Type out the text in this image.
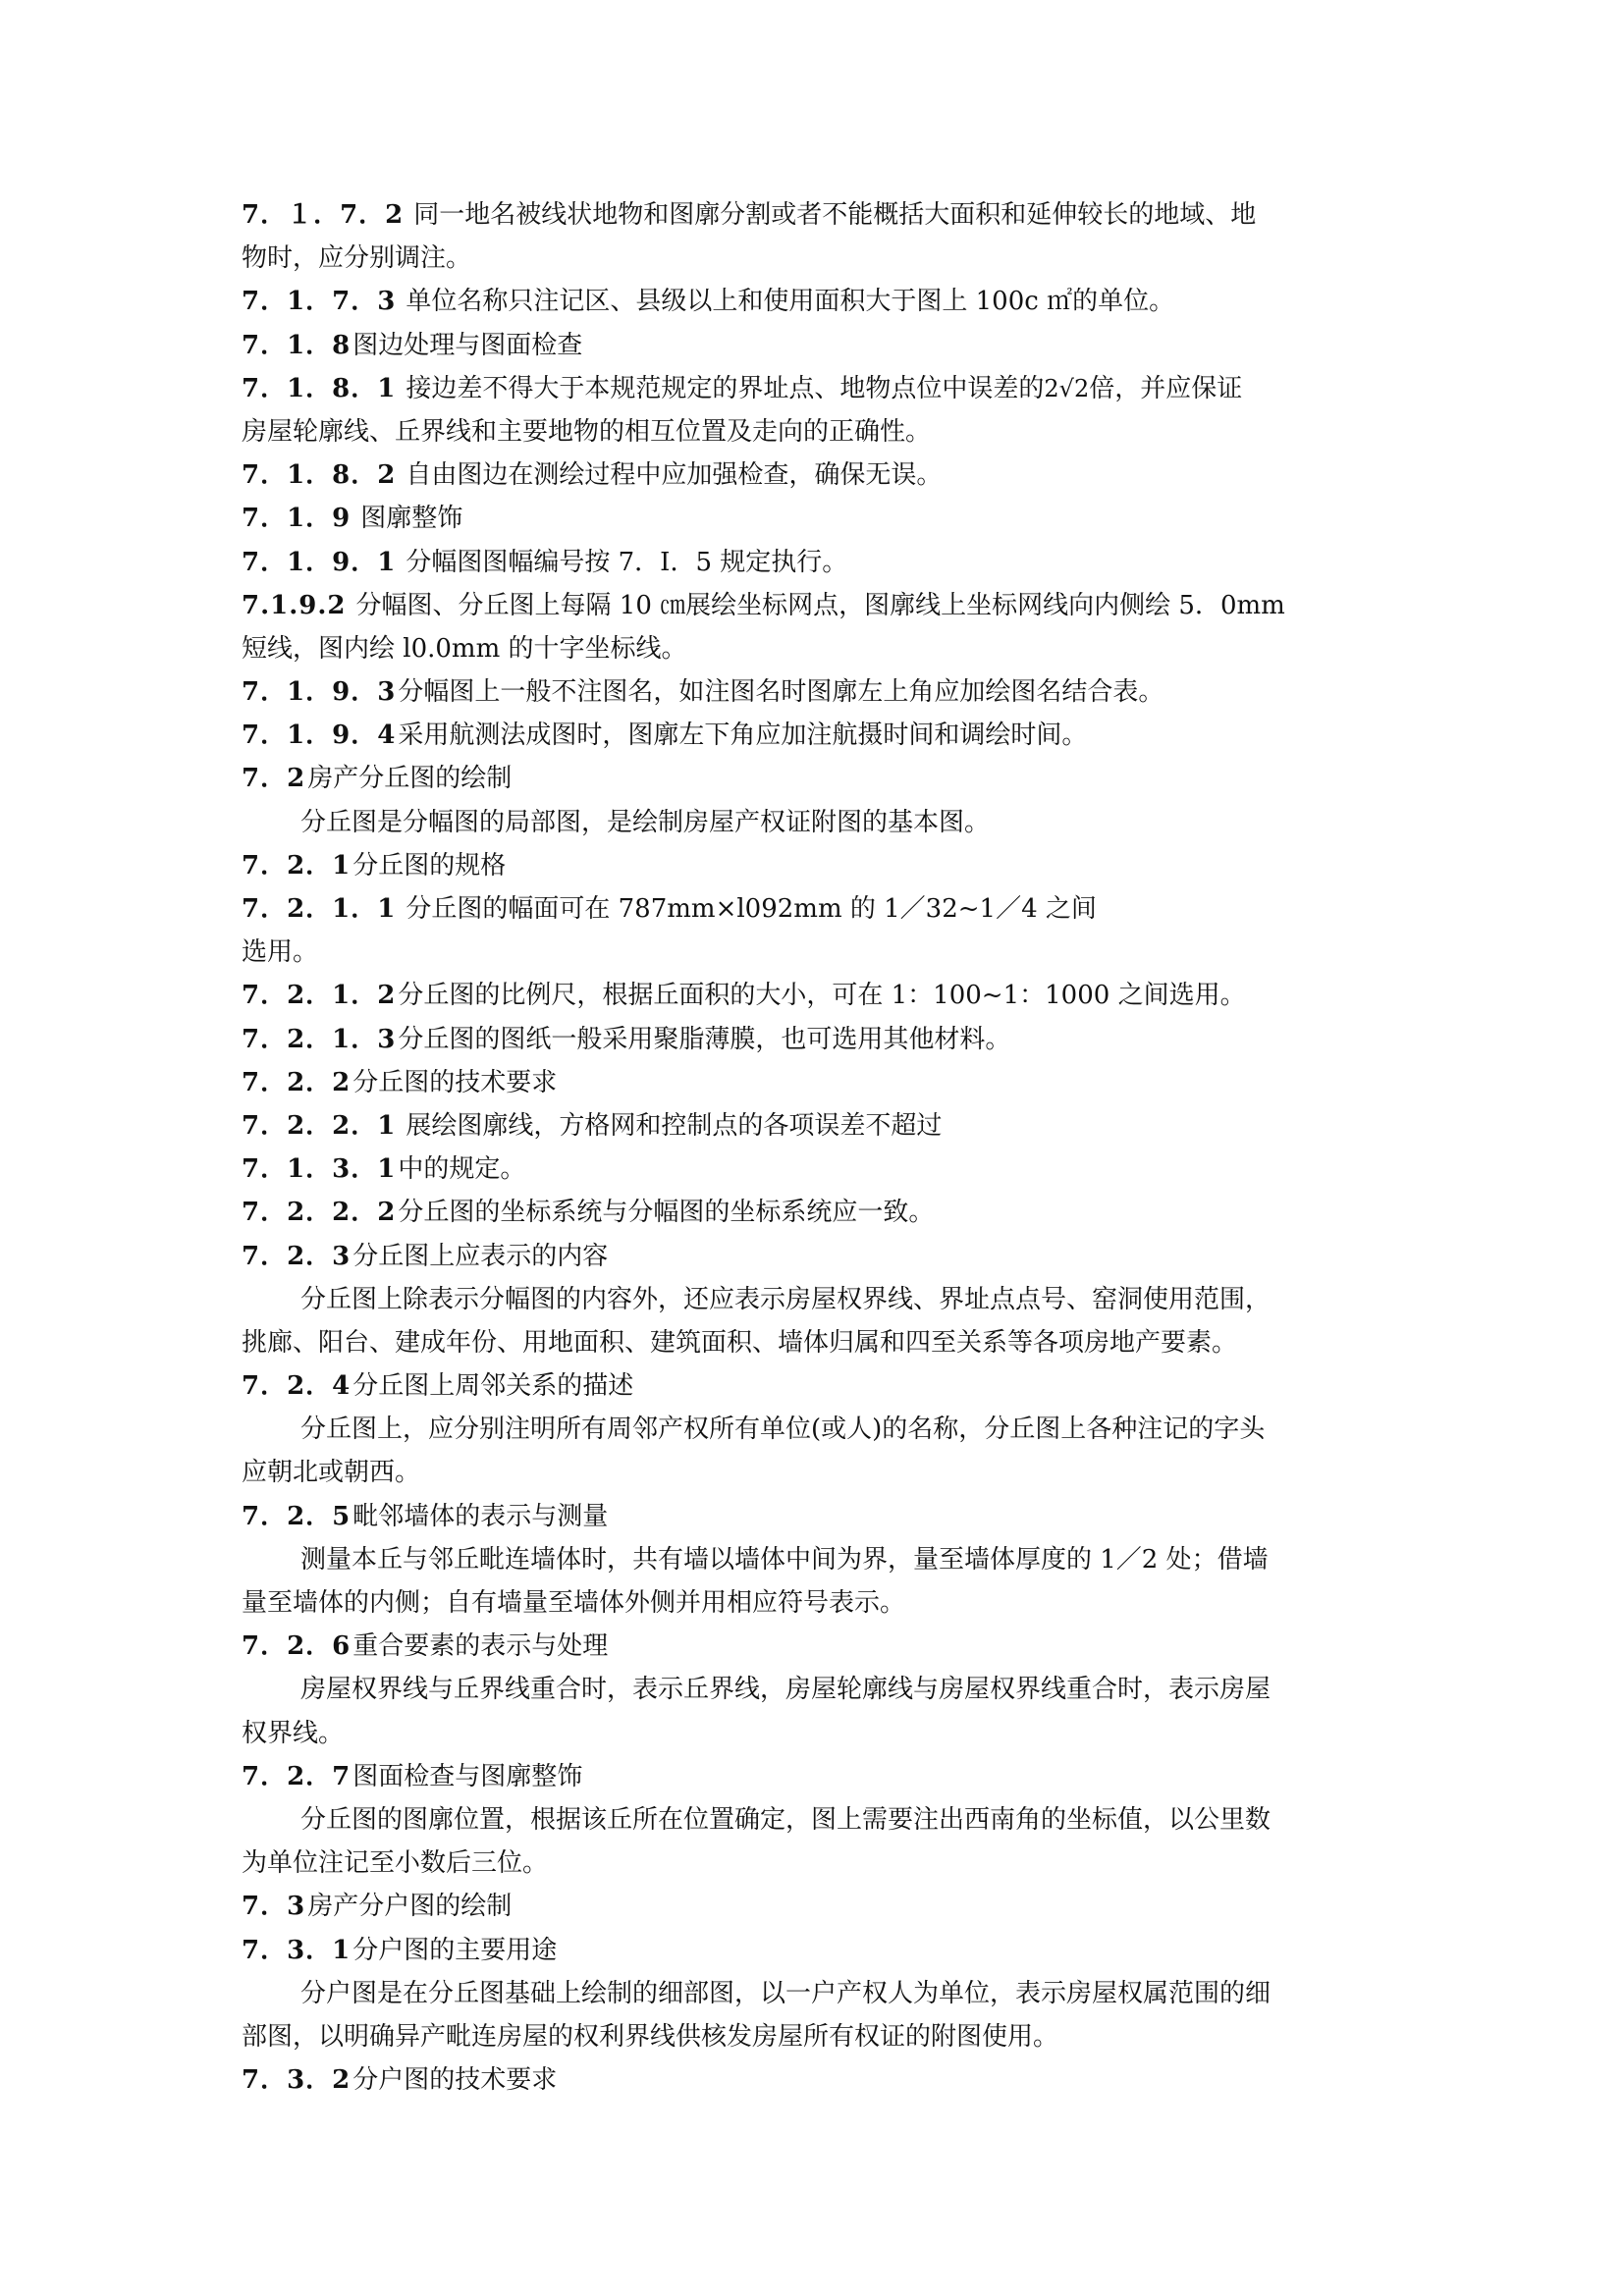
7．１．7．2 同一地名被线状地物和图廓分割或者不能概括大面积和延伸较长的地域、地
物时，应分别调注。
7．1．7．3 单位名称只注记区、县级以上和使用面积大于图上 100c ㎡的单位。
7．1．8图边处理与图面检查
7．1．8．1 接边差不得大于本规范规定的界址点、地物点位中误差的2√2倍，并应保证
房屋轮廓线、丘界线和主要地物的相互位置及走向的正确性。
7．1．8．2 自由图边在测绘过程中应加强检查，确保无误。
7．1．9 图廓整饰
7．1．9．1 分幅图图幅编号按 7．I．5 规定执行。
7.1.9.2 分幅图、分丘图上每隔 10 ㎝展绘坐标网点，图廓线上坐标网线向内侧绘 5．0mm
短线，图内绘 l0.0mm 的十字坐标线。
7．1．9．3分幅图上一般不注图名，如注图名时图廓左上角应加绘图名结合表。
7．1．9．4采用航测法成图时，图廓左下角应加注航摄时间和调绘时间。
7．2房产分丘图的绘制
分丘图是分幅图的局部图，是绘制房屋产权证附图的基本图。
7．2．1分丘图的规格
7．2．1．1 分丘图的幅面可在 787mm×l092mm 的 1／32~1／4 之间
选用。
7．2．1．2分丘图的比例尺，根据丘面积的大小，可在 1：100~1：1000 之间选用。
7．2．1．3分丘图的图纸一般采用聚脂薄膜，也可选用其他材料。
7．2．2分丘图的技术要求
7．2．2．1 展绘图廓线，方格网和控制点的各项误差不超过
7．1．3．1中的规定。
7．2．2．2分丘图的坐标系统与分幅图的坐标系统应一致。
7．2．3分丘图上应表示的内容
分丘图上除表示分幅图的内容外，还应表示房屋权界线、界址点点号、窑洞使用范围，
挑廊、阳台、建成年份、用地面积、建筑面积、墙体归属和四至关系等各项房地产要素。
7．2．4分丘图上周邻关系的描述
分丘图上，应分别注明所有周邻产权所有单位(或人)的名称，分丘图上各种注记的字头
应朝北或朝西。
7．2．5毗邻墙体的表示与测量
测量本丘与邻丘毗连墙体时，共有墙以墙体中间为界，量至墙体厚度的 1／2 处；借墙
量至墙体的内侧；自有墙量至墙体外侧并用相应符号表示。
7．2．6重合要素的表示与处理
房屋权界线与丘界线重合时，表示丘界线，房屋轮廓线与房屋权界线重合时，表示房屋
权界线。
7．2．7图面检查与图廓整饰
分丘图的图廓位置，根据该丘所在位置确定，图上需要注出西南角的坐标值，以公里数
为单位注记至小数后三位。
7．3房产分户图的绘制
7．3．1分户图的主要用途
分户图是在分丘图基础上绘制的细部图，以一户产权人为单位，表示房屋权属范围的细
部图，以明确异产毗连房屋的权利界线供核发房屋所有权证的附图使用。
7．3．2分户图的技术要求
